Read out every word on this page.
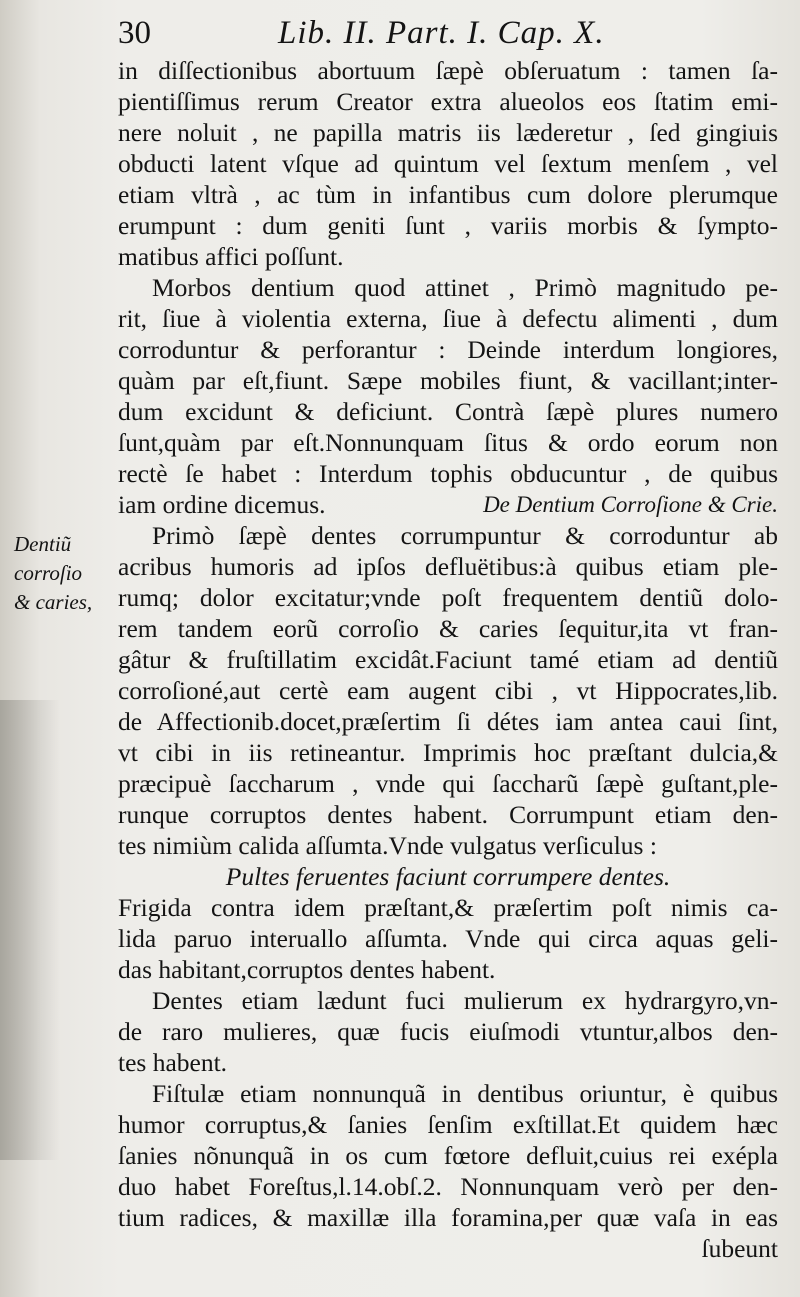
30	Lib. II. Part. I. Cap. X.
Dentiũ
corroſio
& caries,
in diſſectionibus abortuum ſæpè obſeruatum : tamen ſa-
pientiſſimus rerum Creator extra alueolos eos ſtatim emi-
nere noluit , ne papilla matris iis læderetur , ſed gingiuis
obducti latent vſque ad quintum vel ſextum menſem , vel
etiam vltrà , ac tùm in infantibus cum dolore plerumque
erumpunt : dum geniti ſunt , variis morbis & ſympto-
matibus affici poſſunt.
Morbos dentium quod attinet , Primò magnitudo pe-
rit, ſiue à violentia externa, ſiue à defectu alimenti , dum
corroduntur & perforantur : Deinde interdum longiores,
quàm par eſt,fiunt. Sæpe mobiles fiunt, & vacillant;inter-
dum excidunt & deficiunt. Contrà ſæpè plures numero
ſunt,quàm par eſt.Nonnunquam ſitus & ordo eorum non
rectè ſe habet : Interdum tophis obducuntur , de quibus
iam ordine dicemus.	De Dentium Corroſione & Crie.
Primò ſæpè dentes corrumpuntur & corroduntur ab
acribus humoris ad ipſos defluëtibus:à quibus etiam ple-
rumq; dolor excitatur;vnde poſt frequentem dentiũ dolo-
rem tandem eorũ corroſio & caries ſequitur,ita vt fran-
gâtur & fruſtillatim excidât.Faciunt tamé etiam ad dentiũ
corroſioné,aut certè eam augent cibi , vt Hippocrates,lib.
de Affectionib.docet,præſertim ſi détes iam antea caui ſint,
vt cibi in iis retineantur. Imprimis hoc præſtant dulcia,&
præcipuè ſaccharum , vnde qui ſaccharũ ſæpè guſtant,ple-
runque corruptos dentes habent. Corrumpunt etiam den-
tes nimiùm calida aſſumta.Vnde vulgatus verſiculus :
Pultes feruentes faciunt corrumpere dentes.
Frigida contra idem præſtant,& præſertim poſt nimis ca-
lida paruo interuallo aſſumta. Vnde qui circa aquas geli-
das habitant,corruptos dentes habent.
Dentes etiam lædunt fuci mulierum ex hydrargyro,vn-
de raro mulieres, quæ fucis eiuſmodi vtuntur,albos den-
tes habent.
Fiſtulæ etiam nonnunquã in dentibus oriuntur, è quibus
humor corruptus,& ſanies ſenſim exſtillat.Et quidem hæc
ſanies nõnunquã in os cum fœtore defluit,cuius rei exépla
duo habet Foreſtus,l.14.obſ.2. Nonnunquam verò per den-
tium radices, & maxillæ illa foramina,per quæ vaſa in eas
ſubeunt
